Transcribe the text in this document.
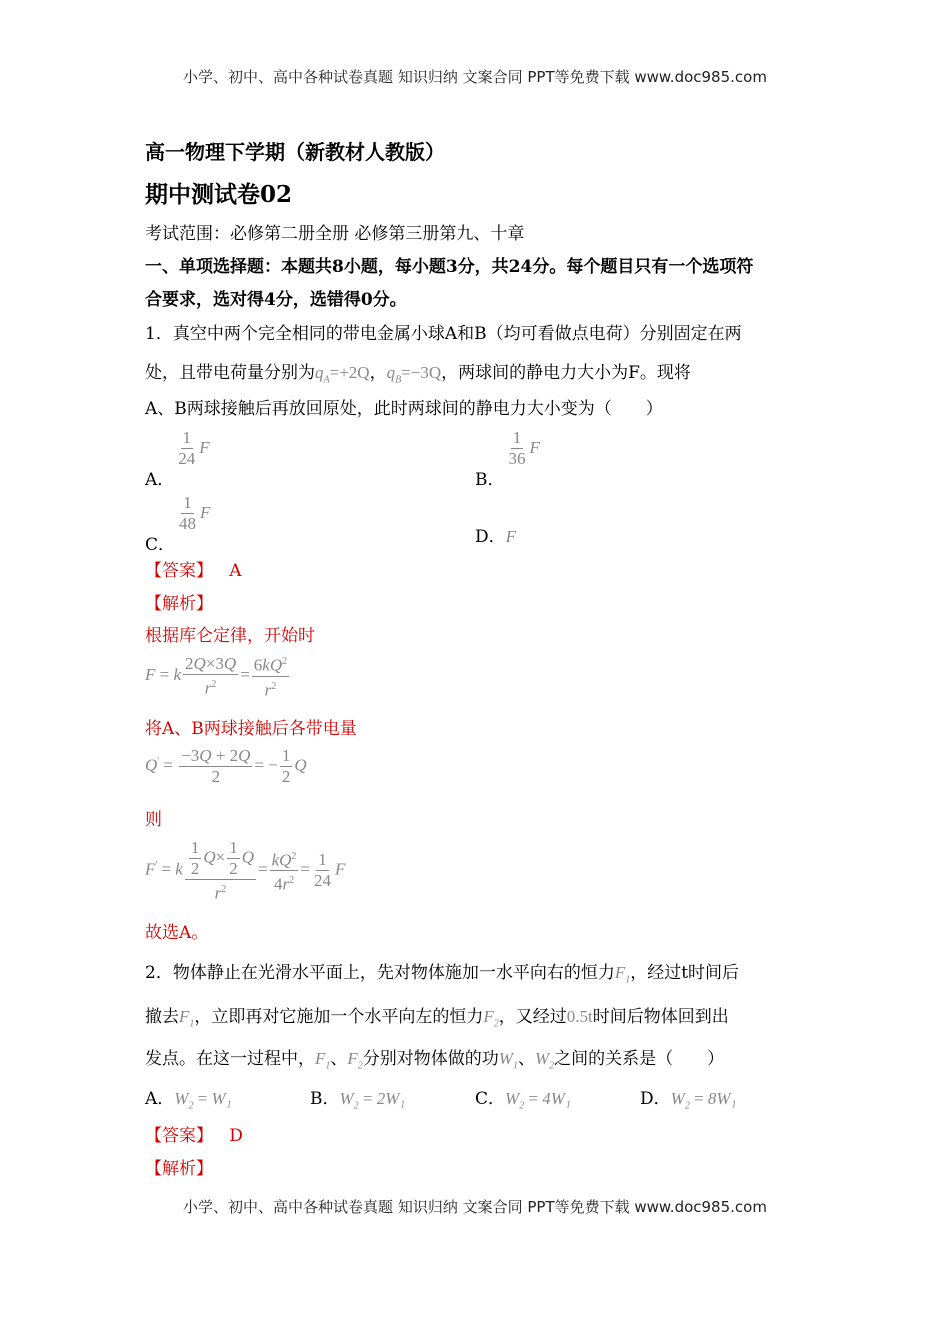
小学、初中、高中各种试卷真题 知识归纳 文案合同 PPT等免费下载 www.doc985.com
高一物理下学期（新教材人教版）
期中测试卷02
考试范围：必修第二册全册 必修第三册第九、十章
一、单项选择题：本题共8小题，每小题3分，共24分。每个题目只有一个选项符
合要求，选对得4分，选错得0分。
1．真空中两个完全相同的带电金属小球A和B（均可看做点电荷）分别固定在两
处，且带电荷量分别为$q_A=+2Q$，$q_B=-3Q$，两球间的静电力大小为F。现将
A、B两球接触后再放回原处，此时两球间的静电力大小变为（　　）
A．
$\frac{1}{24}$ F
B．
$\frac{1}{36}$ F
C．
$\frac{1}{48}$ F
D．F
【答案】 A
【解析】
根据库仑定律，开始时
F = k $\frac{2Q\times 3Q}{r^2} = \frac{6kQ^2}{r^2}$
将A、B两球接触后各带电量
$Q' = \frac{-3Q + 2Q}{2}$ = − $\frac{1}{2}$ Q
则
F' = k $\frac{\frac{1}{2} Q\times \frac{1}{2} Q}{r^2} = \frac{kQ^2}{4r^2} = \frac{1}{24}$ F
故选A。
2．物体静止在光滑水平面上，先对物体施加一水平向右的恒力$F_1$，经过t时间后
撤去$F_1$，立即再对它施加一个水平向左的恒力$F_2$，又经过0.5t时间后物体回到出
发点。在这一过程中，$F_1$、$F_2$分别对物体做的功$W_1$、$W_2$之间的关系是（　　）
A．$W_2 = W_1$	B．$W_2 = 2W_1$	C．$W_2 = 4W_1$	D．$W_2 = 8W_1$
【答案】 D
【解析】
小学、初中、高中各种试卷真题 知识归纳 文案合同 PPT等免费下载 www.doc985.com
